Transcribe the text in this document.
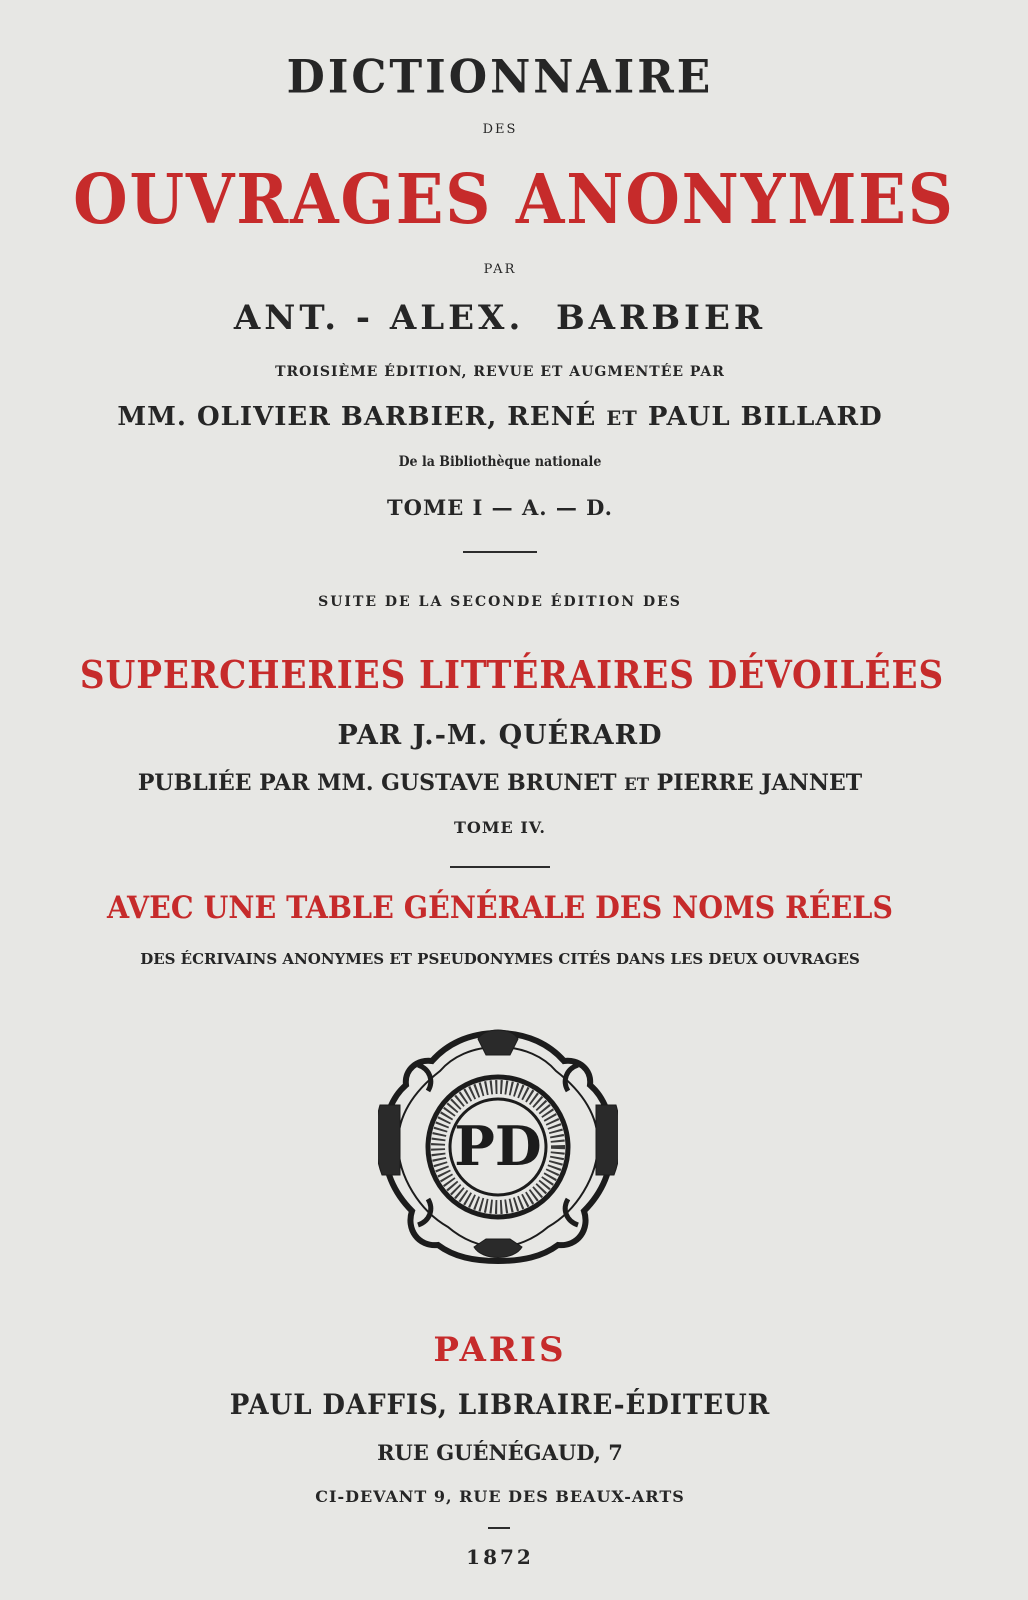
DICTIONNAIRE
DES
OUVRAGES ANONYMES
PAR
ANT. - ALEX.  BARBIER
TROISIÈME ÉDITION, REVUE ET AUGMENTÉE PAR
MM. OLIVIER BARBIER, RENÉ ET PAUL BILLARD
De la Bibliothèque nationale
TOME I — A. — D.
SUITE DE LA SECONDE ÉDITION DES
SUPERCHERIES LITTÉRAIRES DÉVOILÉES
PAR J.-M. QUÉRARD
PUBLIÉE PAR MM. GUSTAVE BRUNET ET PIERRE JANNET
TOME IV.
AVEC UNE TABLE GÉNÉRALE DES NOMS RÉELS
DES ÉCRIVAINS ANONYMES ET PSEUDONYMES CITÉS DANS LES DEUX OUVRAGES
PD
PARIS
PAUL DAFFIS, LIBRAIRE-ÉDITEUR
RUE GUÉNÉGAUD, 7
CI-DEVANT 9, RUE DES BEAUX-ARTS
1872
